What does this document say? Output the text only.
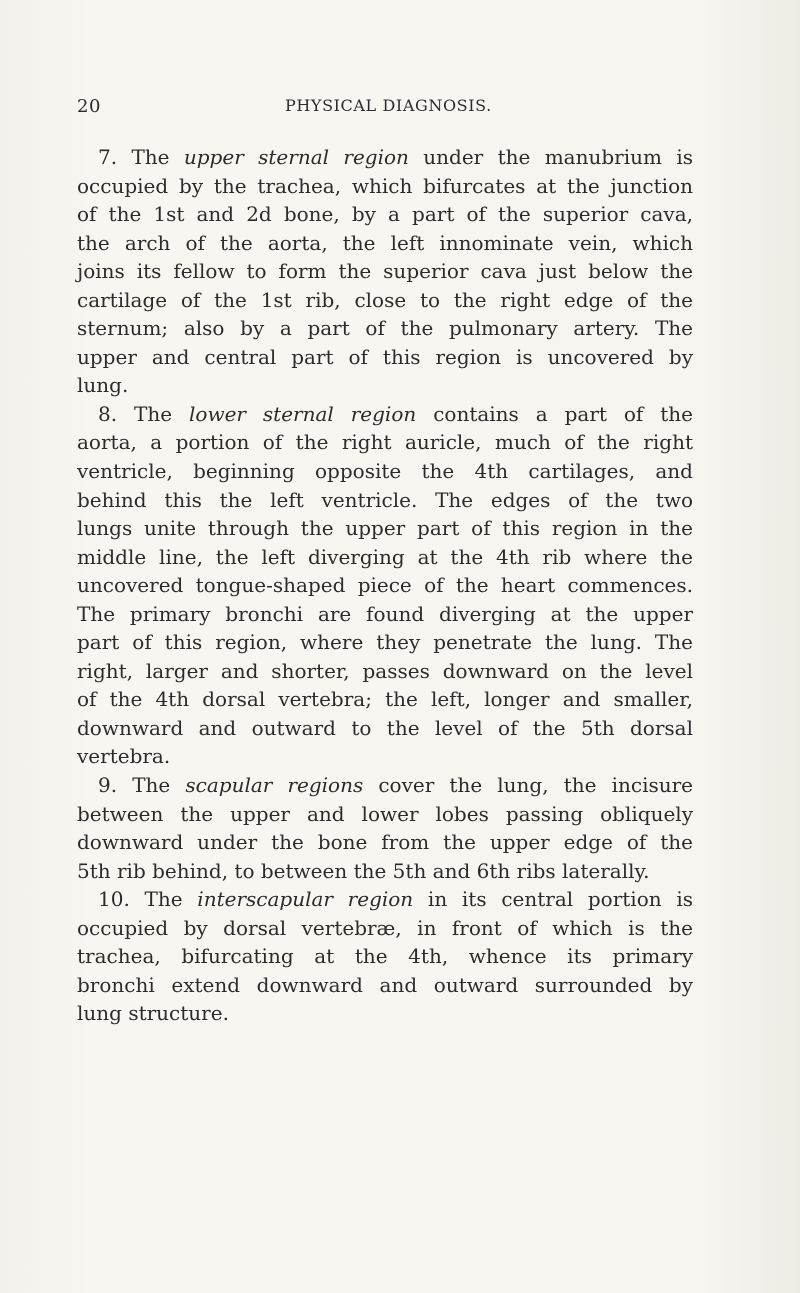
20	PHYSICAL DIAGNOSIS.
7. The upper sternal region under the manubrium is
occupied by the trachea, which bifurcates at the junction
of the 1st and 2d bone, by a part of the superior cava,
the arch of the aorta, the left innominate vein, which
joins its fellow to form the superior cava just below the
cartilage of the 1st rib, close to the right edge of the
sternum; also by a part of the pulmonary artery. The
upper and central part of this region is uncovered by
lung.
8. The lower sternal region contains a part of the
aorta, a portion of the right auricle, much of the right
ventricle, beginning opposite the 4th cartilages, and
behind this the left ventricle. The edges of the two
lungs unite through the upper part of this region in the
middle line, the left diverging at the 4th rib where the
uncovered tongue-shaped piece of the heart commences.
The primary bronchi are found diverging at the upper
part of this region, where they penetrate the lung. The
right, larger and shorter, passes downward on the level
of the 4th dorsal vertebra; the left, longer and smaller,
downward and outward to the level of the 5th dorsal
vertebra.
9. The scapular regions cover the lung, the incisure
between the upper and lower lobes passing obliquely
downward under the bone from the upper edge of the
5th rib behind, to between the 5th and 6th ribs laterally.
10. The interscapular region in its central portion is
occupied by dorsal vertebræ, in front of which is the
trachea, bifurcating at the 4th, whence its primary
bronchi extend downward and outward surrounded by
lung structure.
